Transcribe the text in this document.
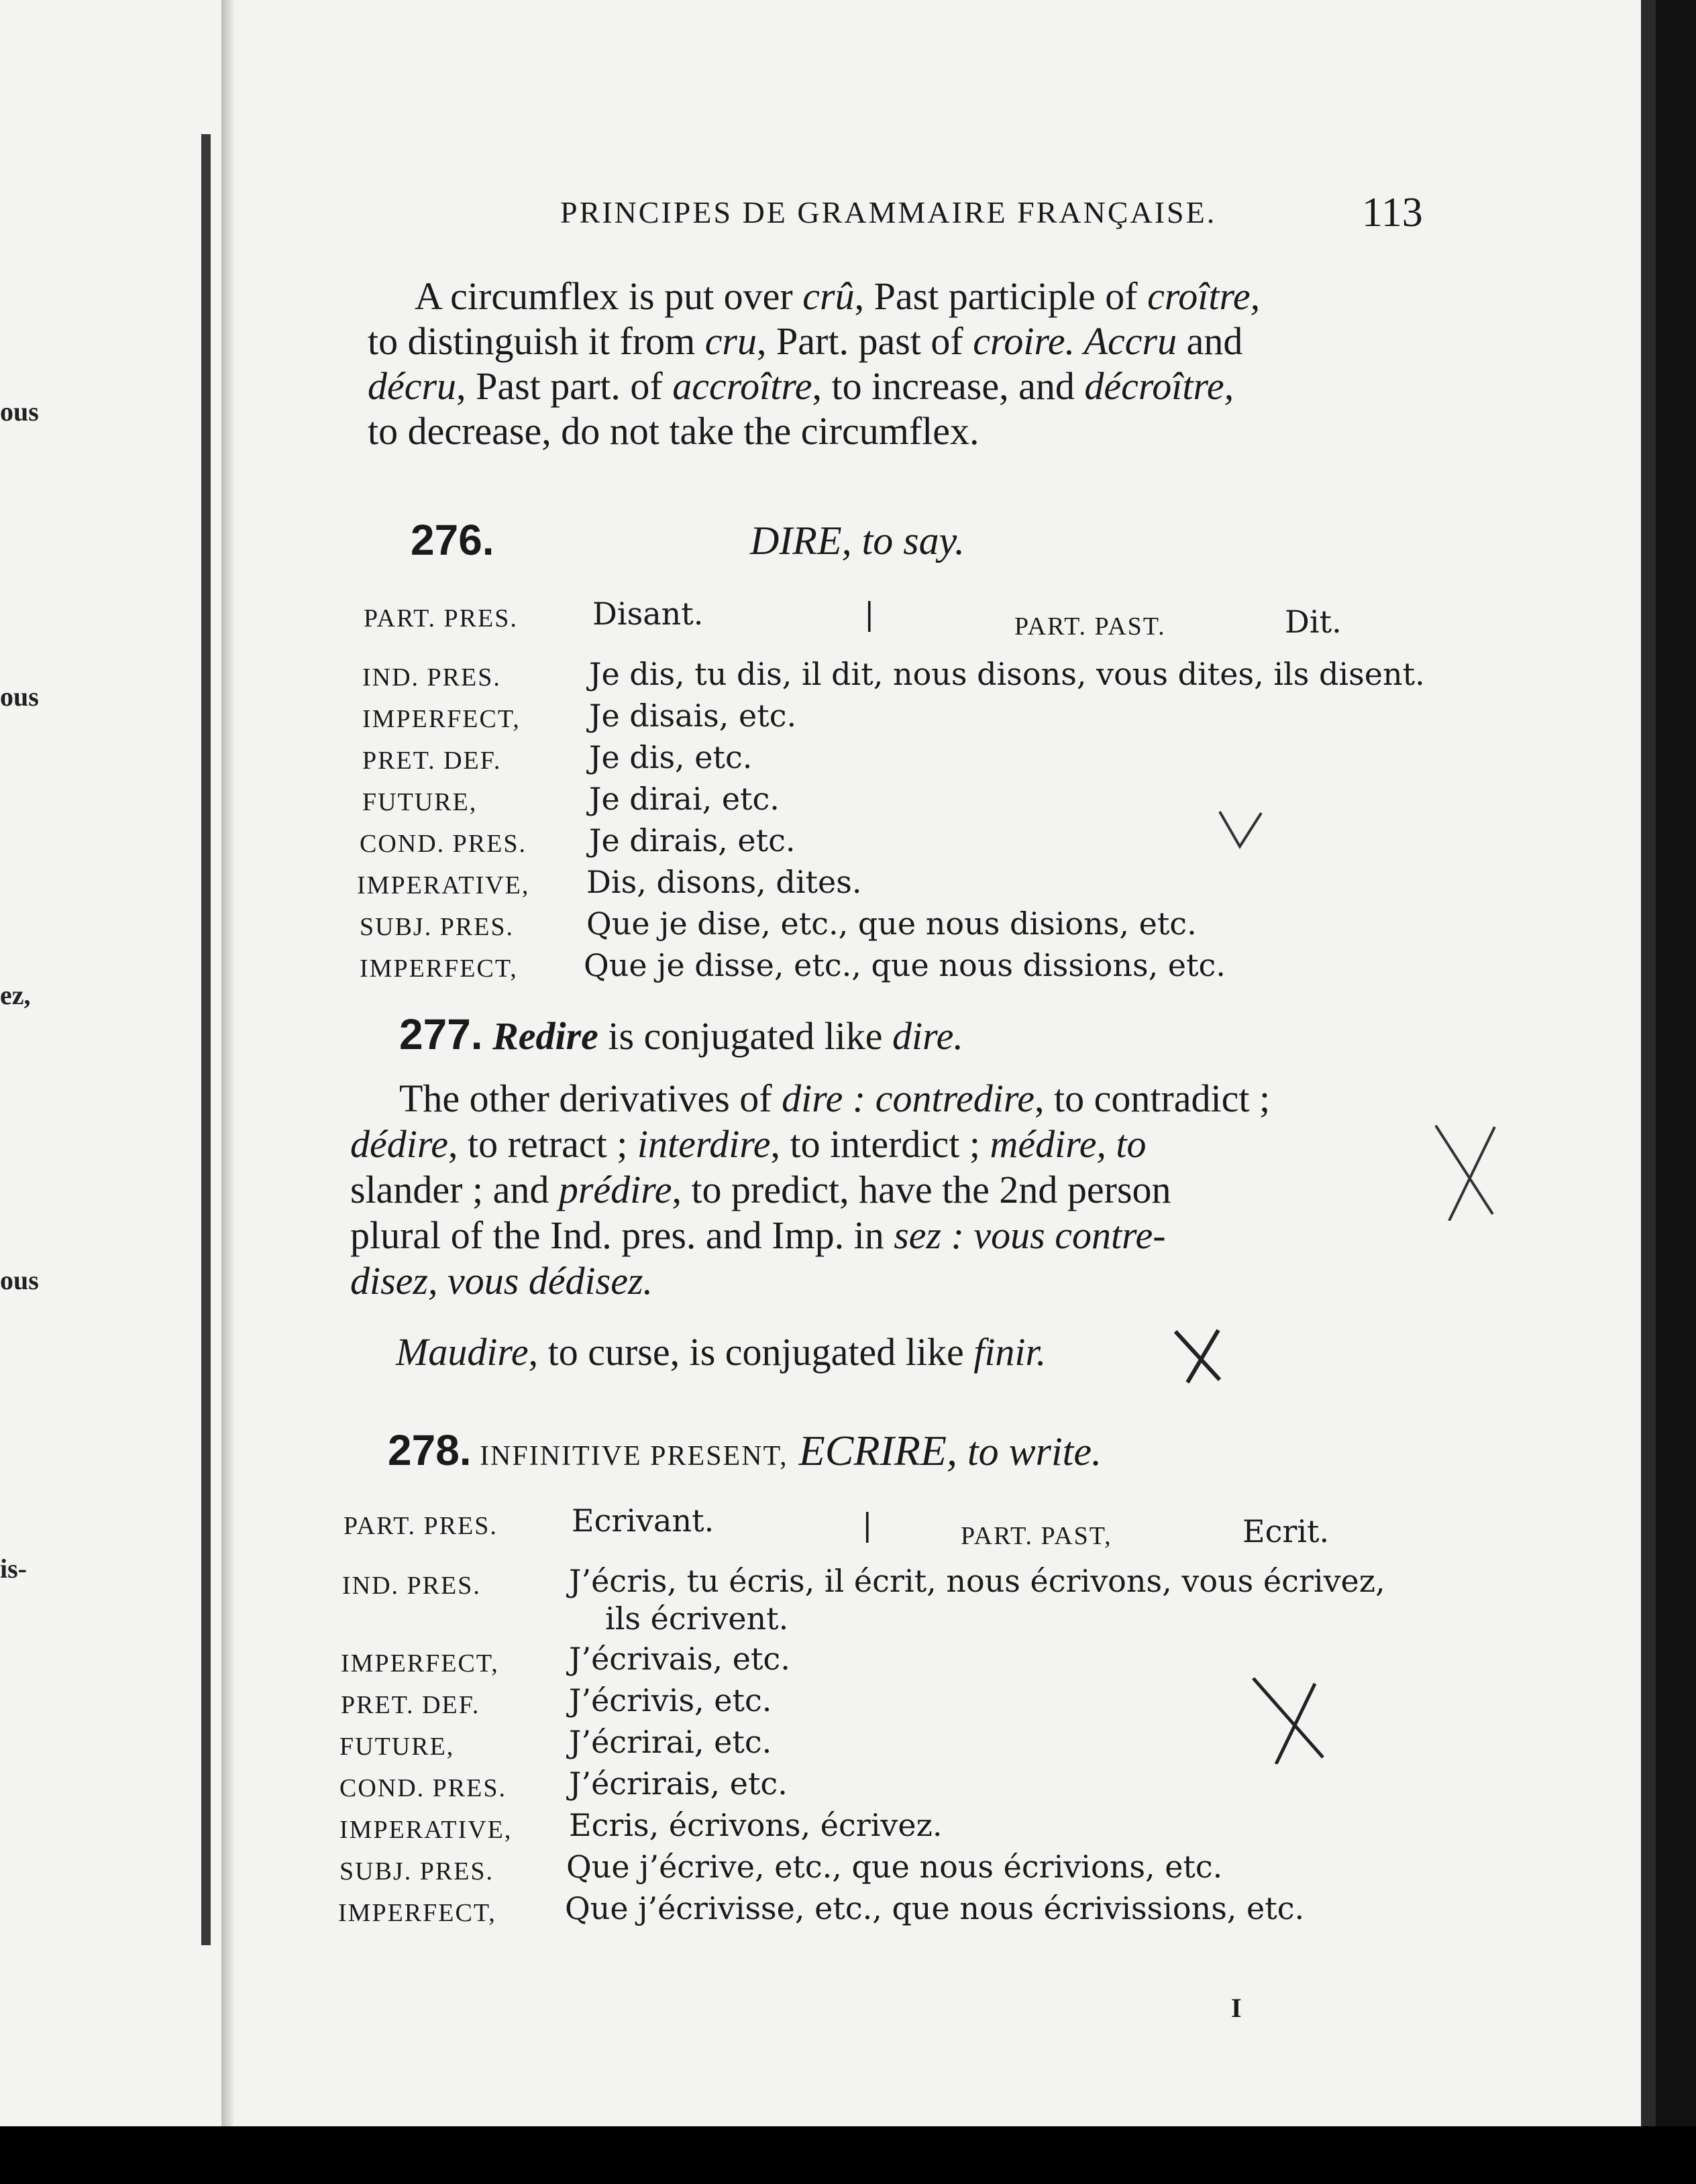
ous
ous
ez,
ous
is-
PRINCIPES DE GRAMMAIRE FRANÇAISE.	113
A circumflex is put over crû, Past participle of croître,
to distinguish it from cru, Part. past of croire. Accru and
décru, Past part. of accroître, to increase, and décroître,
to decrease, do not take the circumflex.
276.	DIRE, to say.
PART. PRES. Disant.	|	PART. PAST.	Dit.
IND. PRES.	Je dis, tu dis, il dit, nous disons, vous dites, ils disent.
IMPERFECT, Je disais, etc.
PRET. DEF.	Je dis, etc.
FUTURE,	Je dirai, etc.
COND. PRES. Je dirais, etc.
IMPERATIVE, Dis, disons, dites.
SUBJ. PRES. Que je dise, etc., que nous disions, etc.
IMPERFECT, Que je disse, etc., que nous dissions, etc.
277. Redire is conjugated like dire.
The other derivatives of dire : contredire, to contradict ;
dédire, to retract ; interdire, to interdict ; médire, to
slander ; and prédire, to predict, have the 2nd person
plural of the Ind. pres. and Imp. in sez : vous contre-
disez, vous dédisez.
Maudire, to curse, is conjugated like finir.
278. INFINITIVE PRESENT, ECRIRE, to write.
PART. PRES. Ecrivant.	|	PART. PAST,	Ecrit.
IND. PRES.	J’écris, tu écris, il écrit, nous écrivons, vous écrivez,
ils écrivent.
IMPERFECT, J’écrivais, etc.
PRET. DEF.	J’écrivis, etc.
FUTURE,	J’écrirai, etc.
COND. PRES. J’écrirais, etc.
IMPERATIVE, Ecris, écrivons, écrivez.
SUBJ. PRES. Que j’écrive, etc., que nous écrivions, etc.
IMPERFECT, Que j’écrivisse, etc., que nous écrivissions, etc.
I
